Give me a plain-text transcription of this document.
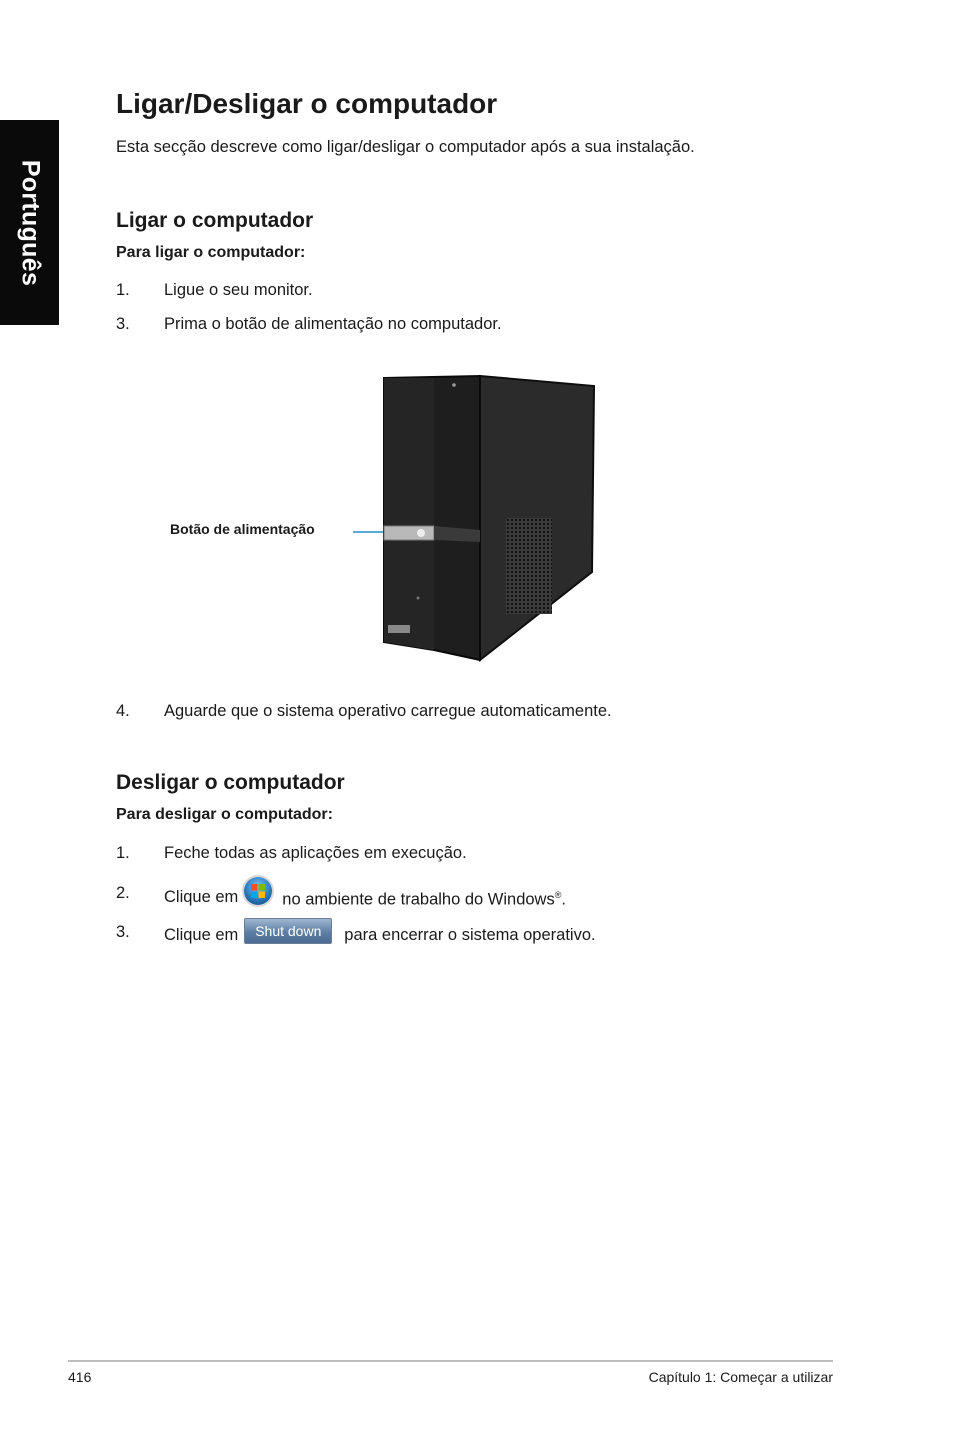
Português
Ligar/Desligar o computador
Esta secção descreve como ligar/desligar o computador após a sua instalação.
Ligar o computador
Para ligar o computador:
1. Ligue o seu monitor.
3. Prima o botão de alimentação no computador.
Botão de alimentação
4. Aguarde que o sistema operativo carregue automaticamente.
Desligar o computador
Para desligar o computador:
1. Feche todas as aplicações em execução.
2. Clique em	no ambiente de trabalho do Windows®.
3. Clique em	Shut down	para encerrar o sistema operativo.
416	Capítulo 1: Começar a utilizar
